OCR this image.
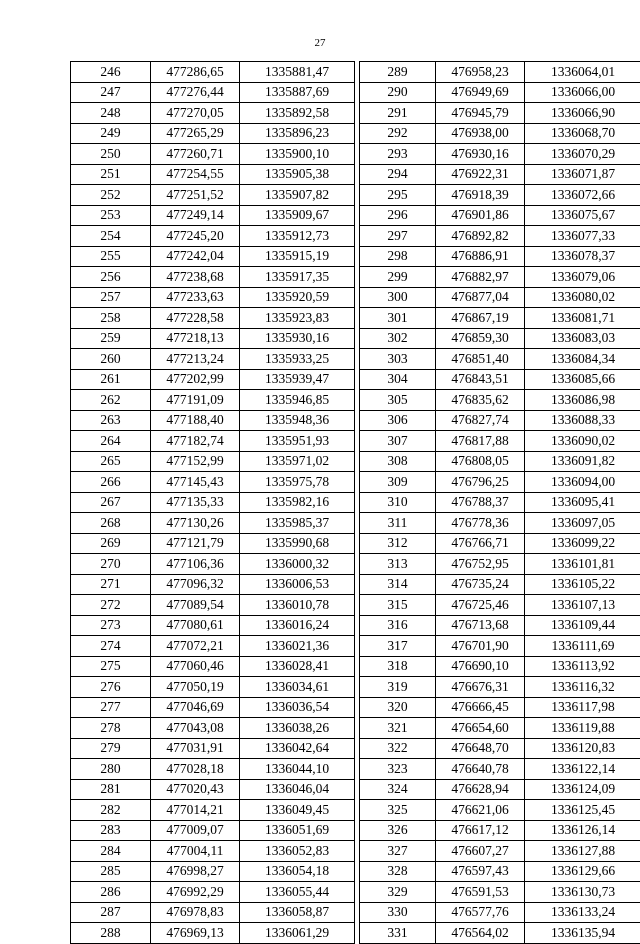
27
246	477286,65	1335881,47
247	477276,44	1335887,69
248	477270,05	1335892,58
249	477265,29	1335896,23
250	477260,71	1335900,10
251	477254,55	1335905,38
252	477251,52	1335907,82
253	477249,14	1335909,67
254	477245,20	1335912,73
255	477242,04	1335915,19
256	477238,68	1335917,35
257	477233,63	1335920,59
258	477228,58	1335923,83
259	477218,13	1335930,16
260	477213,24	1335933,25
261	477202,99	1335939,47
262	477191,09	1335946,85
263	477188,40	1335948,36
264	477182,74	1335951,93
265	477152,99	1335971,02
266	477145,43	1335975,78
267	477135,33	1335982,16
268	477130,26	1335985,37
269	477121,79	1335990,68
270	477106,36	1336000,32
271	477096,32	1336006,53
272	477089,54	1336010,78
273	477080,61	1336016,24
274	477072,21	1336021,36
275	477060,46	1336028,41
276	477050,19	1336034,61
277	477046,69	1336036,54
278	477043,08	1336038,26
279	477031,91	1336042,64
280	477028,18	1336044,10
281	477020,43	1336046,04
282	477014,21	1336049,45
283	477009,07	1336051,69
284	477004,11	1336052,83
285	476998,27	1336054,18
286	476992,29	1336055,44
287	476978,83	1336058,87
288	476969,13	1336061,29
289	476958,23	1336064,01
290	476949,69	1336066,00
291	476945,79	1336066,90
292	476938,00	1336068,70
293	476930,16	1336070,29
294	476922,31	1336071,87
295	476918,39	1336072,66
296	476901,86	1336075,67
297	476892,82	1336077,33
298	476886,91	1336078,37
299	476882,97	1336079,06
300	476877,04	1336080,02
301	476867,19	1336081,71
302	476859,30	1336083,03
303	476851,40	1336084,34
304	476843,51	1336085,66
305	476835,62	1336086,98
306	476827,74	1336088,33
307	476817,88	1336090,02
308	476808,05	1336091,82
309	476796,25	1336094,00
310	476788,37	1336095,41
311	476778,36	1336097,05
312	476766,71	1336099,22
313	476752,95	1336101,81
314	476735,24	1336105,22
315	476725,46	1336107,13
316	476713,68	1336109,44
317	476701,90	1336111,69
318	476690,10	1336113,92
319	476676,31	1336116,32
320	476666,45	1336117,98
321	476654,60	1336119,88
322	476648,70	1336120,83
323	476640,78	1336122,14
324	476628,94	1336124,09
325	476621,06	1336125,45
326	476617,12	1336126,14
327	476607,27	1336127,88
328	476597,43	1336129,66
329	476591,53	1336130,73
330	476577,76	1336133,24
331	476564,02	1336135,94
